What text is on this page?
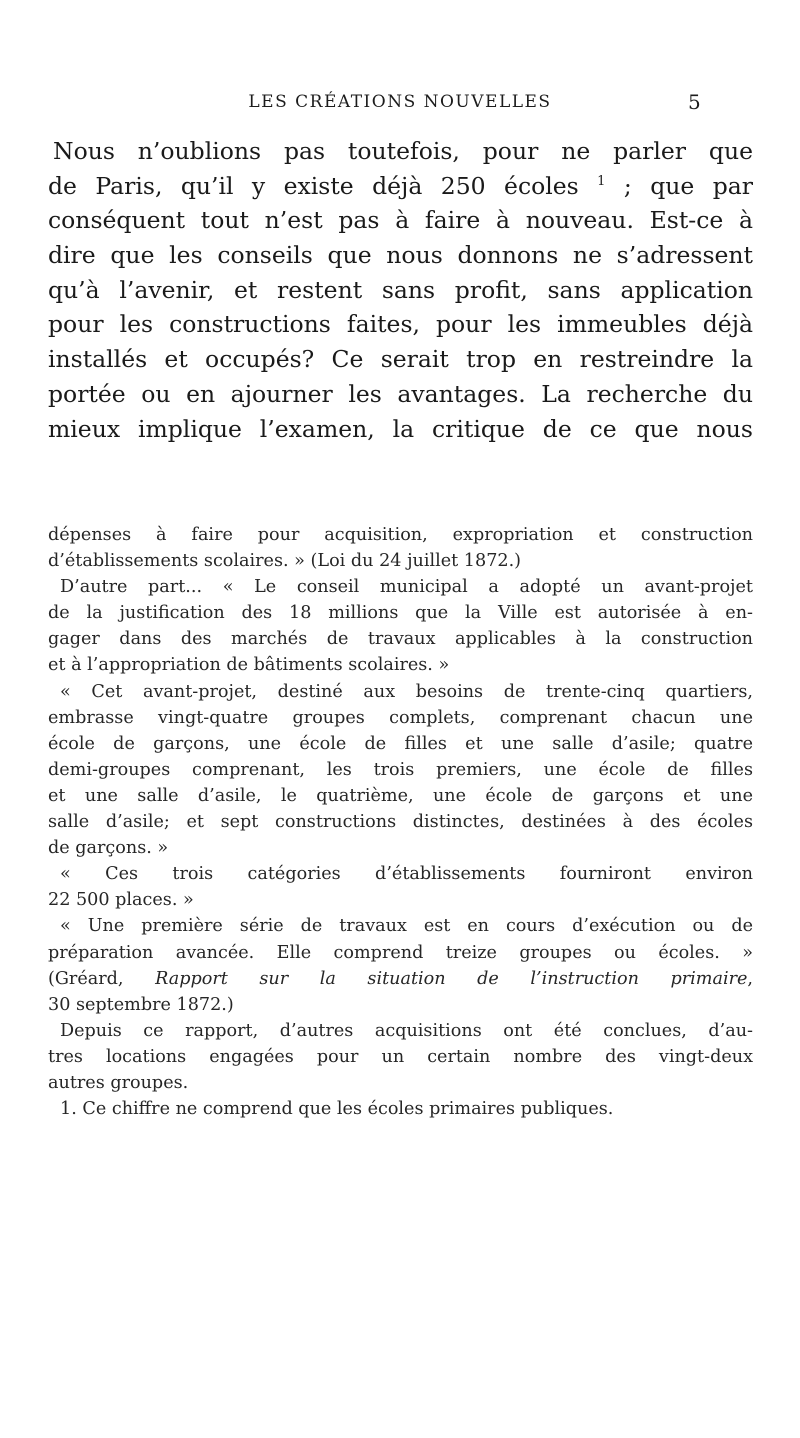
LES CRÉATIONS NOUVELLES	5
Nous n’oublions pas toutefois, pour ne parler que
de Paris, qu’il y existe déjà 250 écoles $^1$ ; que par
conséquent tout n’est pas à faire à nouveau. Est-ce à
dire que les conseils que nous donnons ne s’adressent
qu’à l’avenir, et restent sans profit, sans application
pour les constructions faites, pour les immeubles déjà
installés et occupés? Ce serait trop en restreindre la
portée ou en ajourner les avantages. La recherche du
mieux implique l’examen, la critique de ce que nous
dépenses à faire pour acquisition, expropriation et construction
d’établissements scolaires. » (Loi du 24 juillet 1872.)
D’autre part... « Le conseil municipal a adopté un avant-projet
de la justification des 18 millions que la Ville est autorisée à en-
gager dans des marchés de travaux applicables à la construction
et à l’appropriation de bâtiments scolaires. »
« Cet avant-projet, destiné aux besoins de trente-cinq quartiers,
embrasse vingt-quatre groupes complets, comprenant chacun une
école de garçons, une école de filles et une salle d’asile; quatre
demi-groupes comprenant, les trois premiers, une école de filles
et une salle d’asile, le quatrième, une école de garçons et une
salle d’asile; et sept constructions distinctes, destinées à des écoles
de garçons. »
« Ces trois catégories d’établissements fourniront environ
22 500 places. »
« Une première série de travaux est en cours d’exécution ou de
préparation avancée. Elle comprend treize groupes ou écoles. »
(Gréard, Rapport sur la situation de l’instruction primaire,
30 septembre 1872.)
Depuis ce rapport, d’autres acquisitions ont été conclues, d’au-
tres locations engagées pour un certain nombre des vingt-deux
autres groupes.
1. Ce chiffre ne comprend que les écoles primaires publiques.
